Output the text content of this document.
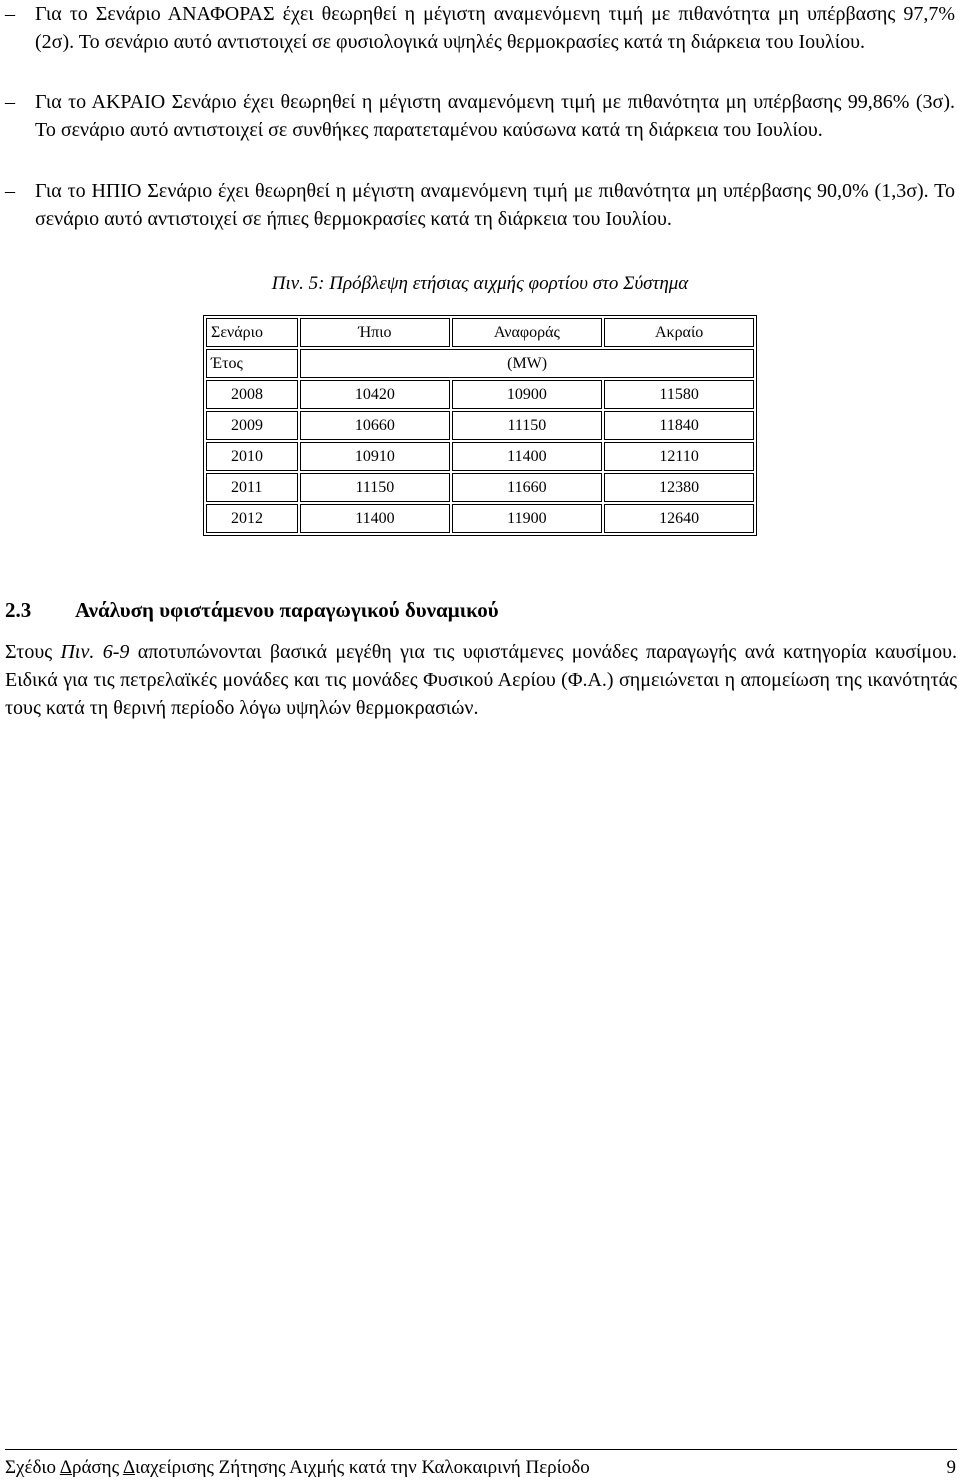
–	Για το Σενάριο ΑΝΑΦΟΡΑΣ έχει θεωρηθεί η μέγιστη αναμενόμενη τιμή με πιθανότητα μη υπέρβασης 97,7% (2σ). Το σενάριο αυτό αντιστοιχεί σε φυσιολογικά υψηλές θερμοκρασίες κατά τη διάρκεια του Ιουλίου.
–	Για το ΑΚΡΑΙΟ Σενάριο έχει θεωρηθεί η μέγιστη αναμενόμενη τιμή με πιθανότητα μη υπέρβασης 99,86% (3σ). Το σενάριο αυτό αντιστοιχεί σε συνθήκες παρατεταμένου καύσωνα κατά τη διάρκεια του Ιουλίου.
–	Για το ΗΠΙΟ Σενάριο έχει θεωρηθεί η μέγιστη αναμενόμενη τιμή με πιθανότητα μη υπέρβασης 90,0% (1,3σ). Το σενάριο αυτό αντιστοιχεί σε ήπιες θερμοκρασίες κατά τη διάρκεια του Ιουλίου.
Πιν. 5: Πρόβλεψη ετήσιας αιχμής φορτίου στο Σύστημα
Σενάριο	Ήπιο	Αναφοράς	Ακραίο
Έτος	(MW)		
2008	10420	10900	11580
2009	10660	11150	11840
2010	10910	11400	12110
2011	11150	11660	12380
2012	11400	11900	12640
2.3 Ανάλυση υφιστάμενου παραγωγικού δυναμικού
Στους Πιν. 6-9 αποτυπώνονται βασικά μεγέθη για τις υφιστάμενες μονάδες παραγωγής ανά κατηγορία καυσίμου. Ειδικά για τις πετρελαϊκές μονάδες και τις μονάδες Φυσικού Αερίου (Φ.Α.) σημειώνεται η απομείωση της ικανότητάς τους κατά τη θερινή περίοδο λόγω υψηλών θερμοκρασιών.
Σχέδιο Δράσης Διαχείρισης Ζήτησης Αιχμής κατά την Καλοκαιρινή Περίοδο	9
